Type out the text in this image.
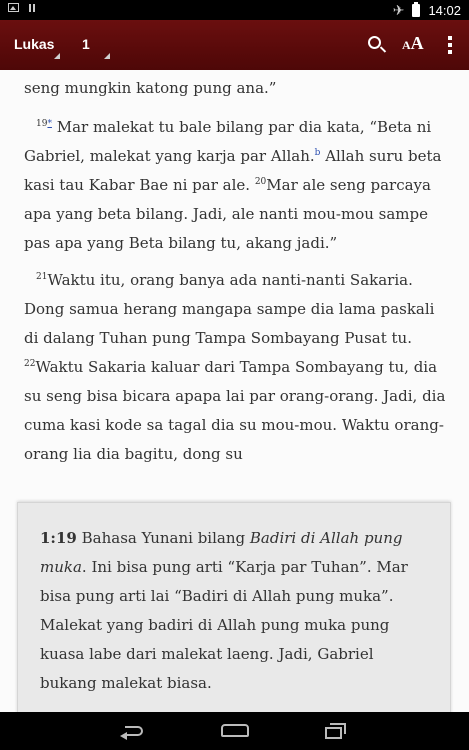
✈ 14:02
Lukas 1	AA

seng mungkin katong pung ana.”

$^{19*}$ Mar malekat tu bale bilang par dia kata, “Beta ni Gabriel, malekat yang karja par Allah.$^b$ Allah suru beta kasi tau Kabar Bae ni par ale. $^{20}$Mar ale seng parcaya apa yang beta bilang. Jadi, ale nanti mou-mou sampe pas apa yang Beta bilang tu, akang jadi.”

$^{21}$Waktu itu, orang banya ada nanti-nanti Sakaria. Dong samua herang mangapa sampe dia lama paskali di dalang Tuhan pung Tampa Sombayang Pusat tu. $^{22}$Waktu Sakaria kaluar dari Tampa Sombayang tu, dia su seng bisa bicara apapa lai par orang-orang. Jadi, dia cuma kasi kode sa tagal dia su mou-mou. Waktu orang-orang lia dia bagitu, dong su

1:19 Bahasa Yunani bilang Badiri di Allah pung muka. Ini bisa pung arti “Karja par Tuhan”. Mar bisa pung arti lai “Badiri di Allah pung muka”. Malekat yang badiri di Allah pung muka pung kuasa labe dari malekat laeng. Jadi, Gabriel bukang malekat biasa.
